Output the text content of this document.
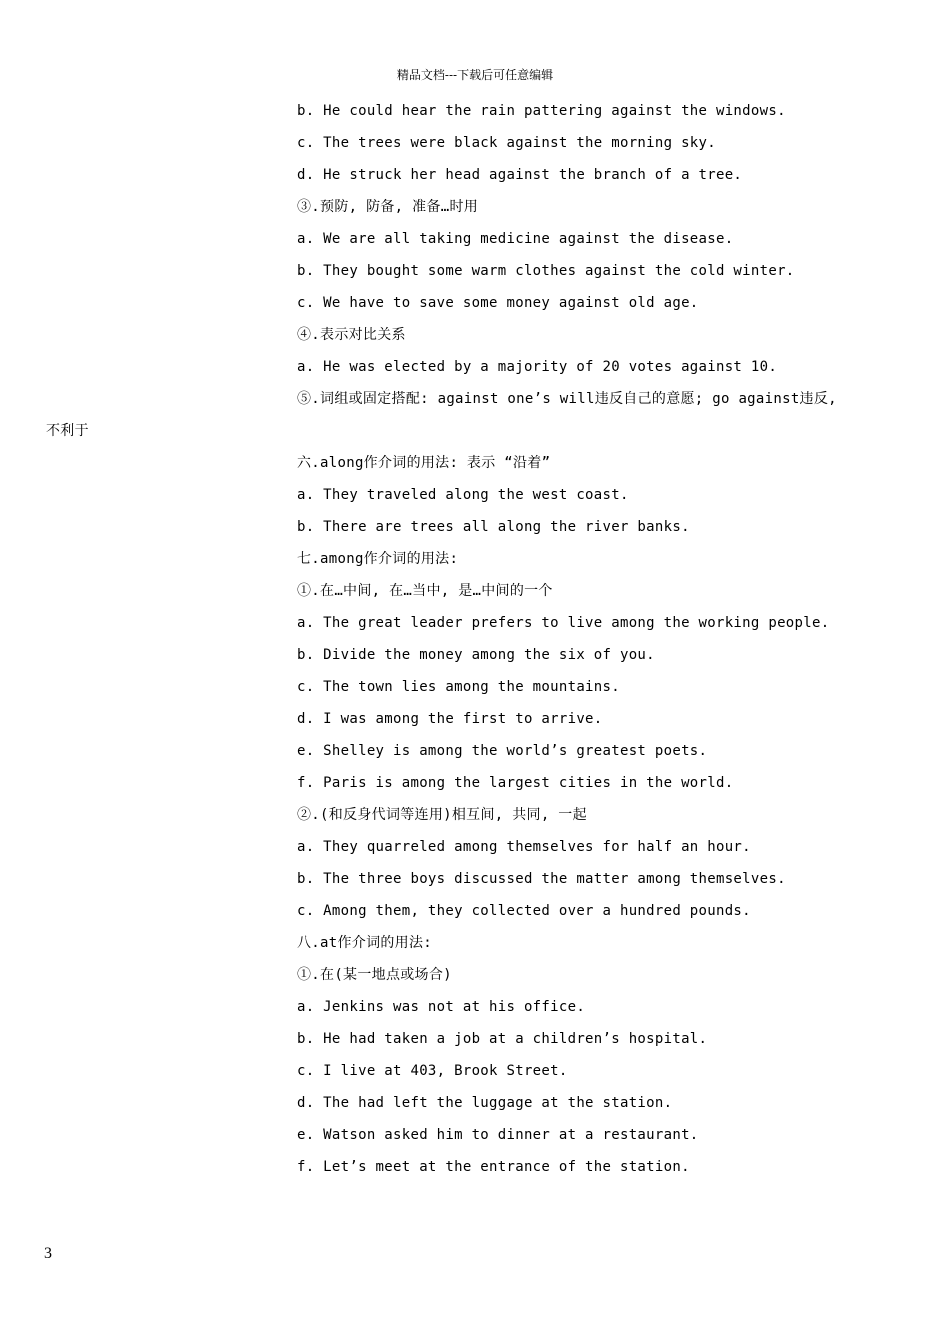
精品文档---下载后可任意编辑
b. He could hear the rain pattering against the windows.
c. The trees were black against the morning sky.
d. He struck her head against the branch of a tree.
③.预防, 防备, 准备…时用
a. We are all taking medicine against the disease.
b. They bought some warm clothes against the cold winter.
c. We have to save some money against old age.
④.表示对比关系
a. He was elected by a majority of 20 votes against 10.
⑤.词组或固定搭配: against one’s will违反自己的意愿; go against违反,
不利于
六.along作介词的用法: 表示 “沿着”
a. They traveled along the west coast.
b. There are trees all along the river banks.
七.among作介词的用法:
①.在…中间, 在…当中, 是…中间的一个
a. The great leader prefers to live among the working people.
b. Divide the money among the six of you.
c. The town lies among the mountains.
d. I was among the first to arrive.
e. Shelley is among the world’s greatest poets.
f. Paris is among the largest cities in the world.
②.(和反身代词等连用)相互间, 共同, 一起
a. They quarreled among themselves for half an hour.
b. The three boys discussed the matter among themselves.
c. Among them, they collected over a hundred pounds.
八.at作介词的用法:
①.在(某一地点或场合)
a. Jenkins was not at his office.
b. He had taken a job at a children’s hospital.
c. I live at 403, Brook Street.
d. The had left the luggage at the station.
e. Watson asked him to dinner at a restaurant.
f. Let’s meet at the entrance of the station.
3
